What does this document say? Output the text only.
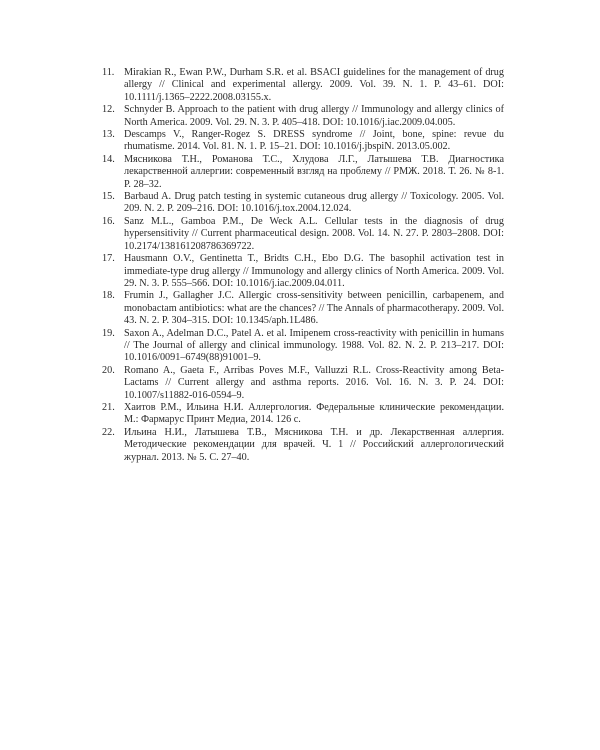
11. Mirakian R., Ewan P.W., Durham S.R. et al. BSACI guidelines for the management of drug allergy // Clinical and experimental allergy. 2009. Vol. 39. N. 1. P. 43–61. DOI: 10.1111/j.1365–2222.2008.03155.x.
12. Schnyder B. Approach to the patient with drug allergy // Immunology and allergy clinics of North America. 2009. Vol. 29. N. 3. P. 405–418. DOI: 10.1016/j.iac.2009.04.005.
13. Descamps V., Ranger-Rogez S. DRESS syndrome // Joint, bone, spine: revue du rhumatisme. 2014. Vol. 81. N. 1. P. 15–21. DOI: 10.1016/j.jbspiN. 2013.05.002.
14. Мясникова Т.Н., Романова Т.С., Хлудова Л.Г., Латышева Т.В. Диагностика лекарственной аллергии: современный взгляд на проблему // РМЖ. 2018. Т. 26. № 8-1. Р. 28–32.
15. Barbaud A. Drug patch testing in systemic cutaneous drug allergy // Toxicology. 2005. Vol. 209. N. 2. P. 209–216. DOI: 10.1016/j.tox.2004.12.024.
16. Sanz M.L., Gamboa P.M., De Weck A.L. Cellular tests in the diagnosis of drug hypersensitivity // Current pharmaceutical design. 2008. Vol. 14. N. 27. P. 2803–2808. DOI: 10.2174/138161208786369722.
17. Hausmann O.V., Gentinetta T., Bridts C.H., Ebo D.G. The basophil activation test in immediate-type drug allergy // Immunology and allergy clinics of North America. 2009. Vol. 29. N. 3. P. 555–566. DOI: 10.1016/j.iac.2009.04.011.
18. Frumin J., Gallagher J.C. Allergic cross-sensitivity between penicillin, carbapenem, and monobactam antibiotics: what are the chances? // The Annals of pharmacotherapy. 2009. Vol. 43. N. 2. P. 304–315. DOI: 10.1345/aph.1L486.
19. Saxon A., Adelman D.C., Patel A. et al. Imipenem cross-reactivity with penicillin in humans // The Journal of allergy and clinical immunology. 1988. Vol. 82. N. 2. P. 213–217. DOI: 10.1016/0091–6749(88)91001–9.
20. Romano A., Gaeta F., Arribas Poves M.F., Valluzzi R.L. Cross-Reactivity among Beta-Lactams // Current allergy and asthma reports. 2016. Vol. 16. N. 3. P. 24. DOI: 10.1007/s11882-016-0594–9.
21. Хаитов Р.М., Ильина Н.И. Аллергология. Федеральные клинические рекомендации. М.: Фармарус Принт Медиа, 2014. 126 с.
22. Ильина Н.И., Латышева Т.В., Мясникова Т.Н. и др. Лекарственная аллергия. Методические рекомендации для врачей. Ч. 1 // Российский аллергологический журнал. 2013. № 5. С. 27–40.
